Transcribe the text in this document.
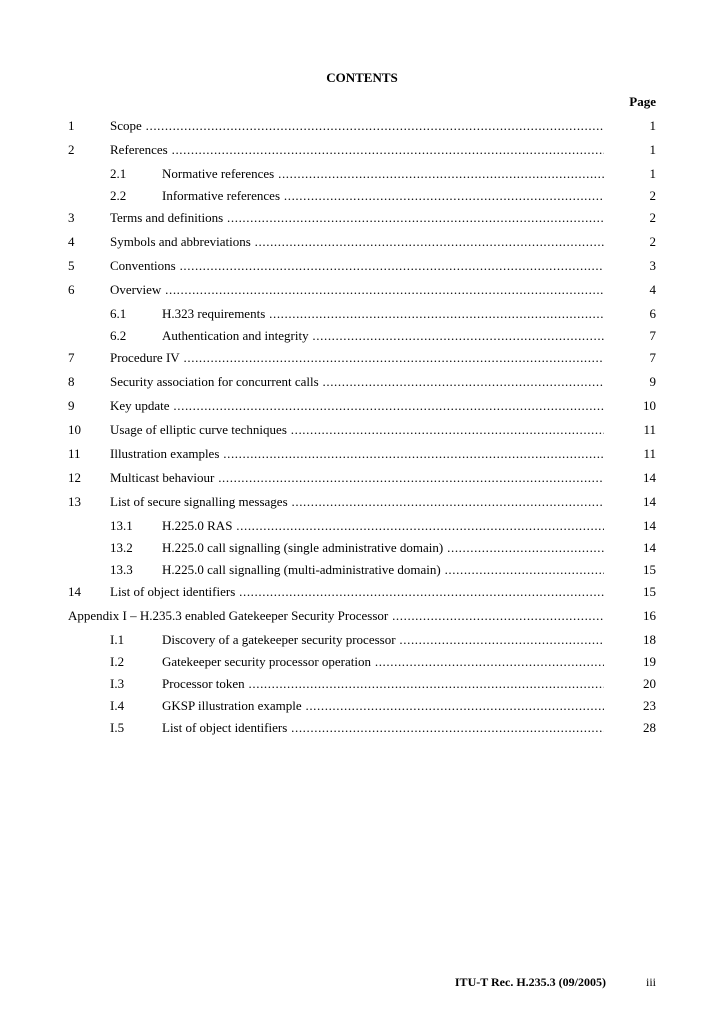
CONTENTS
Page
1	Scope .....	1
2	References .....	1
2.1	Normative references .....	1
2.2	Informative references .....	2
3	Terms and definitions .....	2
4	Symbols and abbreviations .....	2
5	Conventions .....	3
6	Overview .....	4
6.1	H.323 requirements .....	6
6.2	Authentication and integrity .....	7
7	Procedure IV .....	7
8	Security association for concurrent calls .....	9
9	Key update .....	10
10 Usage of elliptic curve techniques .....	11
11 Illustration examples .....	11
12 Multicast behaviour .....	14
13 List of secure signalling messages .....	14
13.1 H.225.0 RAS .....	14
13.2 H.225.0 call signalling (single administrative domain) .....	14
13.3 H.225.0 call signalling (multi-administrative domain) .....	15
14 List of object identifiers .....	15
Appendix I – H.235.3 enabled Gatekeeper Security Processor .....	16
I.1	Discovery of a gatekeeper security processor .....	18
I.2	Gatekeeper security processor operation .....	19
I.3	Processor token .....	20
I.4	GKSP illustration example .....	23
I.5	List of object identifiers .....	28
ITU-T Rec. H.235.3 (09/2005)	iii
